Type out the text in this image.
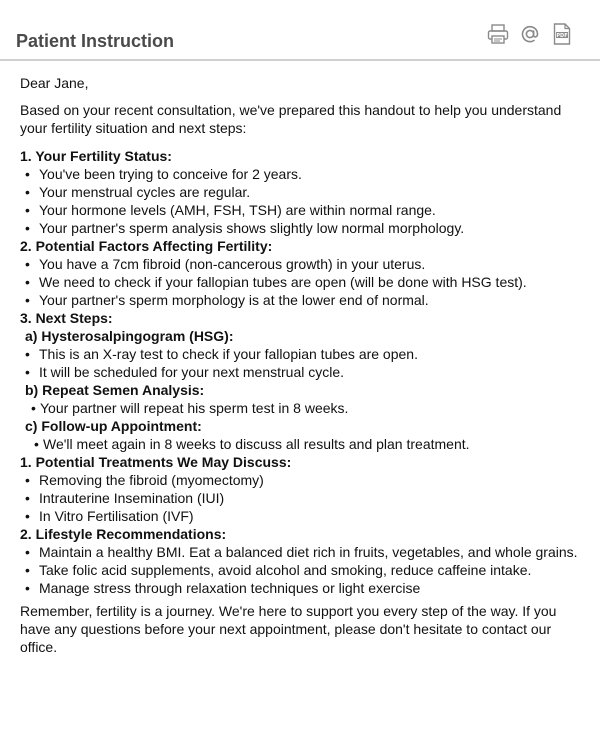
Patient Instruction	PDF

Dear Jane,

Based on your recent consultation, we've prepared this handout to help you understand your fertility situation and next steps:

1. Your Fertility Status:

• You've been trying to conceive for 2 years.
• Your menstrual cycles are regular.
• Your hormone levels (AMH, FSH, TSH) are within normal range.
• Your partner's sperm analysis shows slightly low normal morphology.

2. Potential Factors Affecting Fertility:

• You have a 7cm fibroid (non-cancerous growth) in your uterus.
• We need to check if your fallopian tubes are open (will be done with HSG test).
• Your partner's sperm morphology is at the lower end of normal.

3. Next Steps:

a) Hysterosalpingogram (HSG):

• This is an X-ray test to check if your fallopian tubes are open.
• It will be scheduled for your next menstrual cycle.

b) Repeat Semen Analysis:

• Your partner will repeat his sperm test in 8 weeks.

c) Follow-up Appointment:

• We'll meet again in 8 weeks to discuss all results and plan treatment.

1. Potential Treatments We May Discuss:

• Removing the fibroid (myomectomy)
• Intrauterine Insemination (IUI)
• In Vitro Fertilisation (IVF)

2. Lifestyle Recommendations:

• Maintain a healthy BMI. Eat a balanced diet rich in fruits, vegetables, and whole grains.
• Take folic acid supplements, avoid alcohol and smoking, reduce caffeine intake.
• Manage stress through relaxation techniques or light exercise

Remember, fertility is a journey. We're here to support you every step of the way. If you have any questions before your next appointment, please don't hesitate to contact our office.
